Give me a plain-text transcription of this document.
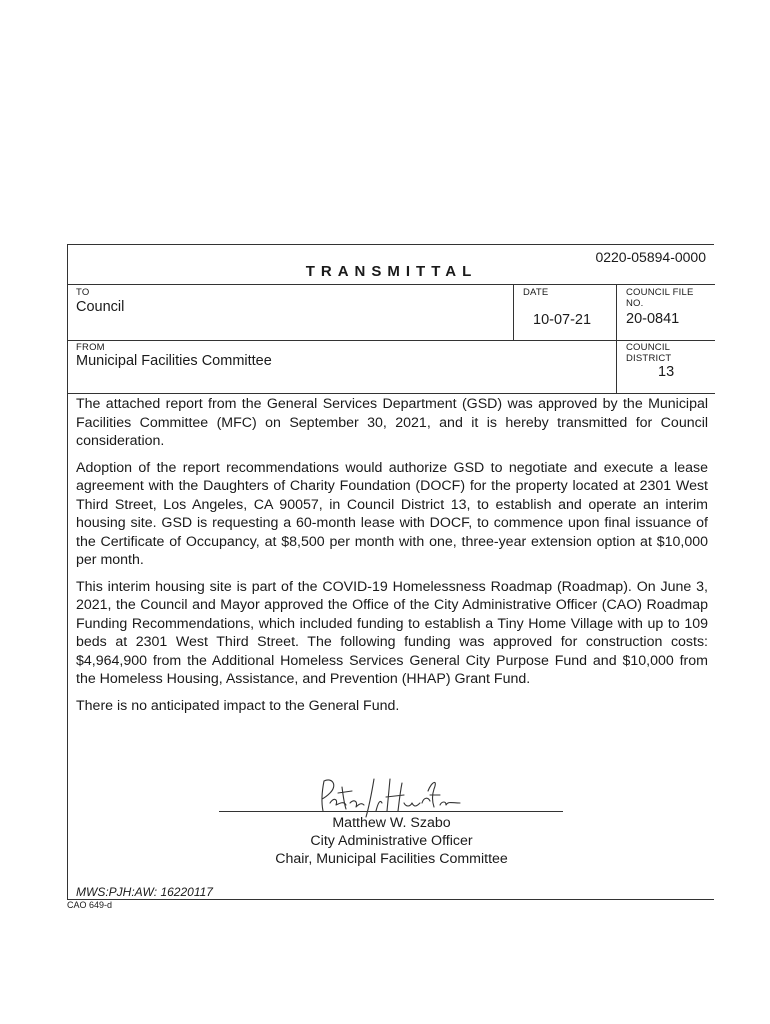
0220-05894-0000
TRANSMITTAL
TO
Council
DATE
10-07-21
COUNCIL FILE
NO.
20-0841
FROM
Municipal Facilities Committee
COUNCIL
DISTRICT
13

The attached report from the General Services Department (GSD) was approved by the Municipal Facilities Committee (MFC) on September 30, 2021, and it is hereby transmitted for Council consideration.

Adoption of the report recommendations would authorize GSD to negotiate and execute a lease agreement with the Daughters of Charity Foundation (DOCF) for the property located at 2301 West Third Street, Los Angeles, CA 90057, in Council District 13, to establish and operate an interim housing site. GSD is requesting a 60-month lease with DOCF, to commence upon final issuance of the Certificate of Occupancy, at $8,500 per month with one, three-year extension option at $10,000 per month.

This interim housing site is part of the COVID-19 Homelessness Roadmap (Roadmap). On June 3, 2021, the Council and Mayor approved the Office of the City Administrative Officer (CAO) Roadmap Funding Recommendations, which included funding to establish a Tiny Home Village with up to 109 beds at 2301 West Third Street. The following funding was approved for construction costs: $4,964,900 from the Additional Homeless Services General City Purpose Fund and $10,000 from the Homeless Housing, Assistance, and Prevention (HHAP) Grant Fund.

There is no anticipated impact to the General Fund.

Matthew W. Szabo
City Administrative Officer
Chair, Municipal Facilities Committee
MWS:PJH:AW: 16220117
CAO 649-d
